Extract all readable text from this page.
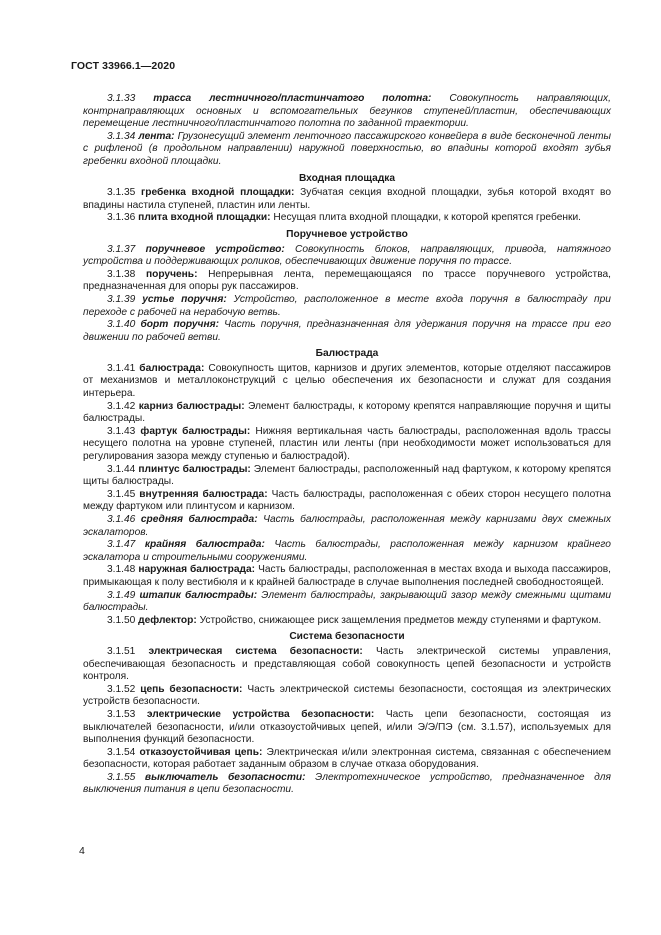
ГОСТ 33966.1—2020

3.1.33 трасса лестничного/пластинчатого полотна: Совокупность направляющих, контрнаправляющих основных и вспомогательных бегунков ступеней/пластин, обеспечивающих перемещение лестничного/пластинчатого полотна по заданной траектории.

3.1.34 лента: Грузонесущий элемент ленточного пассажирского конвейера в виде бесконечной ленты с рифленой (в продольном направлении) наружной поверхностью, во впадины которой входят зубья гребенки входной площадки.

Входная площадка

3.1.35 гребенка входной площадки: Зубчатая секция входной площадки, зубья которой входят во впадины настила ступеней, пластин или ленты.

3.1.36 плита входной площадки: Несущая плита входной площадки, к которой крепятся гребенки.

Поручневое устройство

3.1.37 поручневое устройство: Совокупность блоков, направляющих, привода, натяжного устройства и поддерживающих роликов, обеспечивающих движение поручня по трассе.

3.1.38 поручень: Непрерывная лента, перемещающаяся по трассе поручневого устройства, предназначенная для опоры рук пассажиров.

3.1.39 устье поручня: Устройство, расположенное в месте входа поручня в балюстраду при переходе с рабочей на нерабочую ветвь.

3.1.40 борт поручня: Часть поручня, предназначенная для удержания поручня на трассе при его движении по рабочей ветви.

Балюстрада

3.1.41 балюстрада: Совокупность щитов, карнизов и других элементов, которые отделяют пассажиров от механизмов и металлоконструкций с целью обеспечения их безопасности и служат для создания интерьера.

3.1.42 карниз балюстрады: Элемент балюстрады, к которому крепятся направляющие поручня и щиты балюстрады.

3.1.43 фартук балюстрады: Нижняя вертикальная часть балюстрады, расположенная вдоль трассы несущего полотна на уровне ступеней, пластин или ленты (при необходимости может использоваться для регулирования зазора между ступенью и балюстрадой).

3.1.44 плинтус балюстрады: Элемент балюстрады, расположенный над фартуком, к которому крепятся щиты балюстрады.

3.1.45 внутренняя балюстрада: Часть балюстрады, расположенная с обеих сторон несущего полотна между фартуком или плинтусом и карнизом.

3.1.46 средняя балюстрада: Часть балюстрады, расположенная между карнизами двух смежных эскалаторов.

3.1.47 крайняя балюстрада: Часть балюстрады, расположенная между карнизом крайнего эскалатора и строительными сооружениями.

3.1.48 наружная балюстрада: Часть балюстрады, расположенная в местах входа и выхода пассажиров, примыкающая к полу вестибюля и к крайней балюстраде в случае выполнения последней свободностоящей.

3.1.49 штапик балюстрады: Элемент балюстрады, закрывающий зазор между смежными щитами балюстрады.

3.1.50 дефлектор: Устройство, снижающее риск защемления предметов между ступенями и фартуком.

Система безопасности

3.1.51 электрическая система безопасности: Часть электрической системы управления, обеспечивающая безопасность и представляющая собой совокупность цепей безопасности и устройств контроля.

3.1.52 цепь безопасности: Часть электрической системы безопасности, состоящая из электрических устройств безопасности.

3.1.53 электрические устройства безопасности: Часть цепи безопасности, состоящая из выключателей безопасности, и/или отказоустойчивых цепей, и/или Э/Э/ПЭ (см. 3.1.57), используемых для выполнения функций безопасности.

3.1.54 отказоустойчивая цепь: Электрическая и/или электронная система, связанная с обеспечением безопасности, которая работает заданным образом в случае отказа оборудования.

3.1.55 выключатель безопасности: Электротехническое устройство, предназначенное для выключения питания в цепи безопасности.

4
